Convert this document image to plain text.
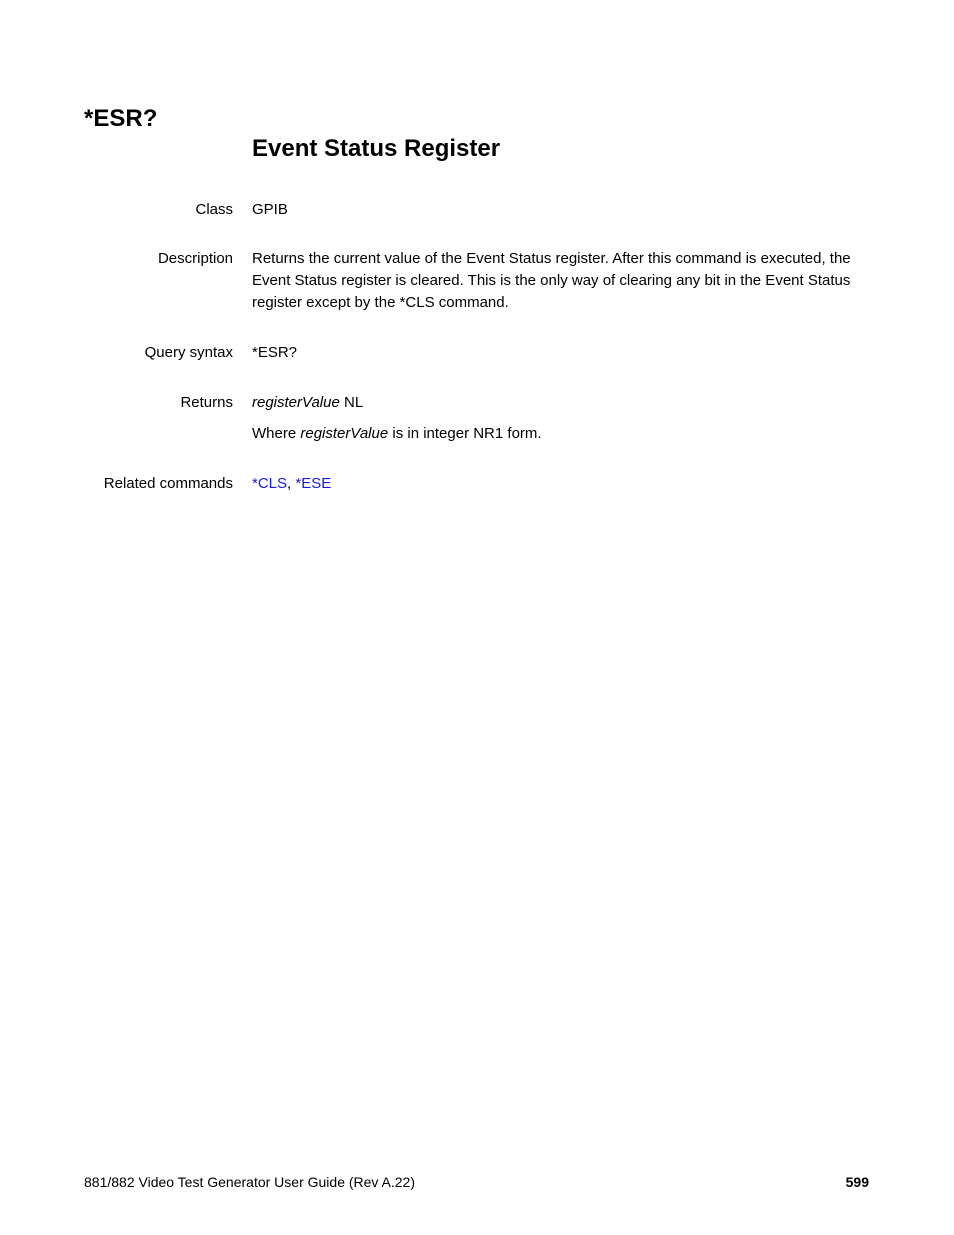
*ESR?
Event Status Register
Class GPIB
Description Returns the current value of the Event Status register. After this command is executed, the Event Status register is cleared. This is the only way of clearing any bit in the Event Status register except by the *CLS command.

Query syntax *ESR?
Returns registerValue NL

Where registerValue is in integer NR1 form.

Related commands *CLS, *ESE
881/882 Video Test Generator User Guide (Rev A.22)	599
